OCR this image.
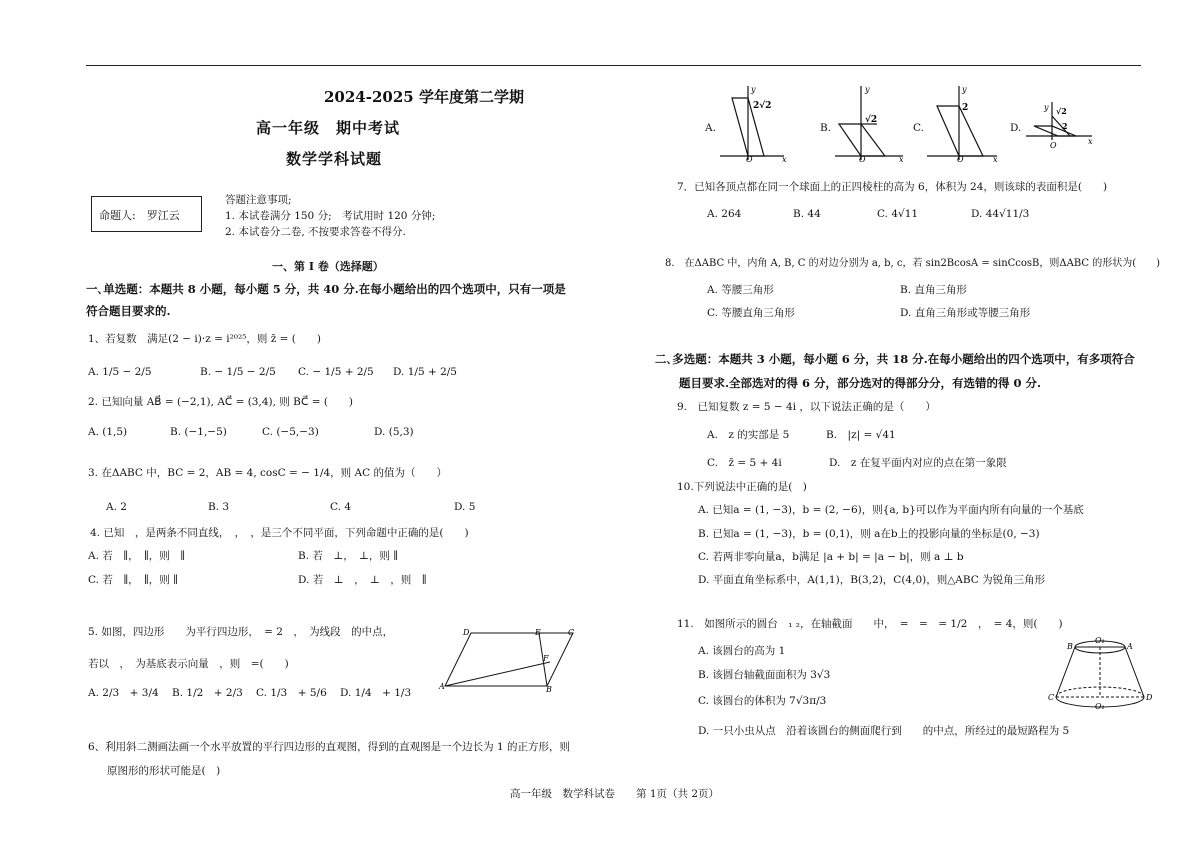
2024-2025 学年度第二学期
高一年级　期中考试
数学学科试题
命题人:　罗江云
答题注意事项;
1. 本试卷满分 150 分;　考试用时 120 分钟;
2. 本试卷分二卷, 不按要求答卷不得分.
一、第 I 卷（选择题）
一､单选题：本题共 8 小题，每小题 5 分，共 40 分.在每小题给出的四个选项中，只有一项是
符合题目要求的.
1、若复数　满足(2 − i)·z = i²⁰²⁵，则 z̄ = (　　)
A. 1/5 − 2/5	B. − 1/5 − 2/5 C. − 1/5 + 2/5 D. 1/5 + 2/5
2. 已知向量 AB⃗ = (−2,1), AC⃗ = (3,4), 则 BC⃗ = (　　)
A. (1,5)	B. (−1,−5)	C. (−5,−3)	D. (5,3)
3. 在ΔABC 中，BC = 2，AB = 4, cosC = − 1/4，则 AC 的值为（　　）
A. 2	B. 3	C. 4	D. 5
4. 已知　，是两条不同直线，　，　，是三个不同平面，下列命题中正确的是(　　)
A. 若　∥，　∥，则　∥	B. 若　⊥，　⊥，则 ∥
C. 若　∥，　∥，则 ∥	D. 若　⊥　，　⊥　，则　∥
5. 如图，四边形　　为平行四边形，　= 2　，　为线段　的中点，
若以　，　为基底表示向量　，则　=(　　)
A. 2/3　+ 3/4 B. 1/2　+ 2/3 C. 1/3　+ 5/6 D. 1/4　+ 1/3
D	E	C
F
A	B
6、利用斜二测画法画一个水平放置的平行四边形的直观图，得到的直观图是一个边长为 1 的正方形，则
原图形的形状可能是(　)
A.
y
2√2
O	x
B.
y
√2
O	x
C.
y
2
O	x
D.
y √2
2
O	x
7．已知各顶点都在同一个球面上的正四棱柱的高为 6，体积为 24，则该球的表面积是(　　)
A. 264	B. 44	C. 4√11	D. 44√11/3
8.　在ΔABC 中，内角 A, B, C 的对边分别为 a, b, c，若 sin2BcosA = sinCcosB，则ΔABC 的形状为(　　)
A. 等腰三角形	B. 直角三角形
C. 等腰直角三角形	D. 直角三角形或等腰三角形
二､多选题：本题共 3 小题，每小题 6 分，共 18 分.在每小题给出的四个选项中，有多项符合
题目要求.全部选对的得 6 分，部分选对的得部分分，有选错的得 0 分.
9.　已知复数 z = 5 − 4i ，以下说法正确的是（　　）
A.　z 的实部是 5	B.　|z| = √41
C.　z̄ = 5 + 4i	D.　z 在复平面内对应的点在第一象限
10.下列说法中正确的是(　)
A. 已知a = (1, −3)，b = (2, −6)，则{a, b}可以作为平面内所有向量的一个基底
B. 已知a = (1, −3)，b = (0,1)，则 a在b上的投影向量的坐标是(0, −3)
C. 若两非零向量a，b满足 |a + b| = |a − b|，则 a ⊥ b
D. 平面直角坐标系中，A(1,1)，B(3,2)，C(4,0)，则△ABC 为锐角三角形
11.　如图所示的圆台　₁ ₂，在轴截面　　中，　=　=　= 1/2　，　= 4，则(　　)
A. 该圆台的高为 1
B. 该圆台轴截面面积为 3√3
C. 该圆台的体积为 7√3π/3
D. 一只小虫从点　沿着该圆台的侧面爬行到　　的中点，所经过的最短路程为 5
B
O₁
A
C	D
O₁
高一年级　数学科试卷　　第 1页（共 2页）
